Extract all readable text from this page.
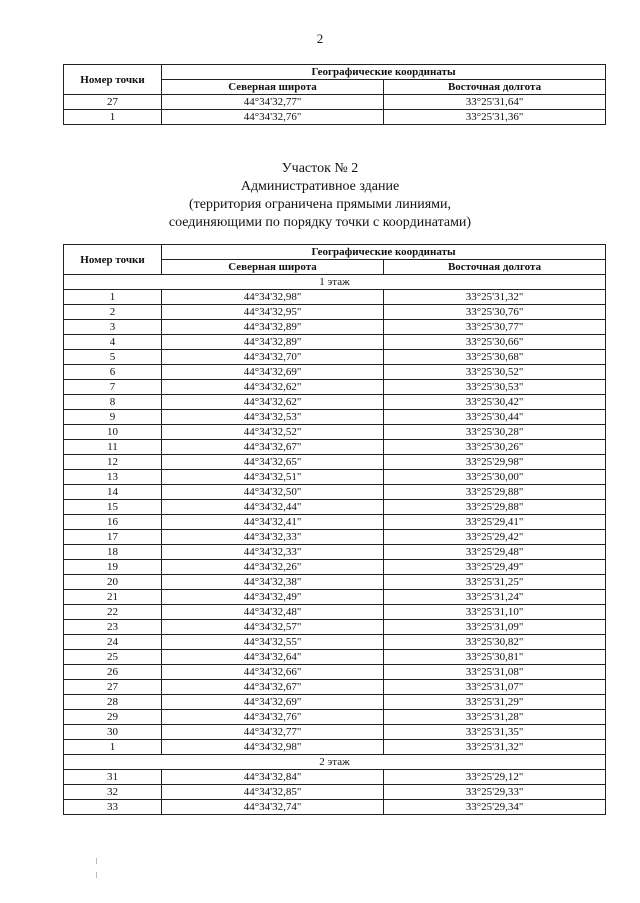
2
Номер точки	Географические координаты	
	Северная широта	Восточная долгота
27	44°34'32,77"	33°25'31,64"
1	44°34'32,76"	33°25'31,36"
Участок № 2
Административное здание
(территория ограничена прямыми линиями,
соединяющими по порядку точки с координатами)
Номер точки	Географические координаты	
	Северная широта	Восточная долгота
1 этаж		
1	44°34'32,98"	33°25'31,32"
2	44°34'32,95"	33°25'30,76"
3	44°34'32,89"	33°25'30,77"
4	44°34'32,89"	33°25'30,66"
5	44°34'32,70"	33°25'30,68"
6	44°34'32,69"	33°25'30,52"
7	44°34'32,62"	33°25'30,53"
8	44°34'32,62"	33°25'30,42"
9	44°34'32,53"	33°25'30,44"
10	44°34'32,52"	33°25'30,28"
11	44°34'32,67"	33°25'30,26"
12	44°34'32,65"	33°25'29,98"
13	44°34'32,51"	33°25'30,00"
14	44°34'32,50"	33°25'29,88"
15	44°34'32,44"	33°25'29,88"
16	44°34'32,41"	33°25'29,41"
17	44°34'32,33"	33°25'29,42"
18	44°34'32,33"	33°25'29,48"
19	44°34'32,26"	33°25'29,49"
20	44°34'32,38"	33°25'31,25"
21	44°34'32,49"	33°25'31,24"
22	44°34'32,48"	33°25'31,10"
23	44°34'32,57"	33°25'31,09"
24	44°34'32,55"	33°25'30,82"
25	44°34'32,64"	33°25'30,81"
26	44°34'32,66"	33°25'31,08"
27	44°34'32,67"	33°25'31,07"
28	44°34'32,69"	33°25'31,29"
29	44°34'32,76"	33°25'31,28"
30	44°34'32,77"	33°25'31,35"
1	44°34'32,98"	33°25'31,32"
2 этаж		
31	44°34'32,84"	33°25'29,12"
32	44°34'32,85"	33°25'29,33"
33	44°34'32,74"	33°25'29,34"
